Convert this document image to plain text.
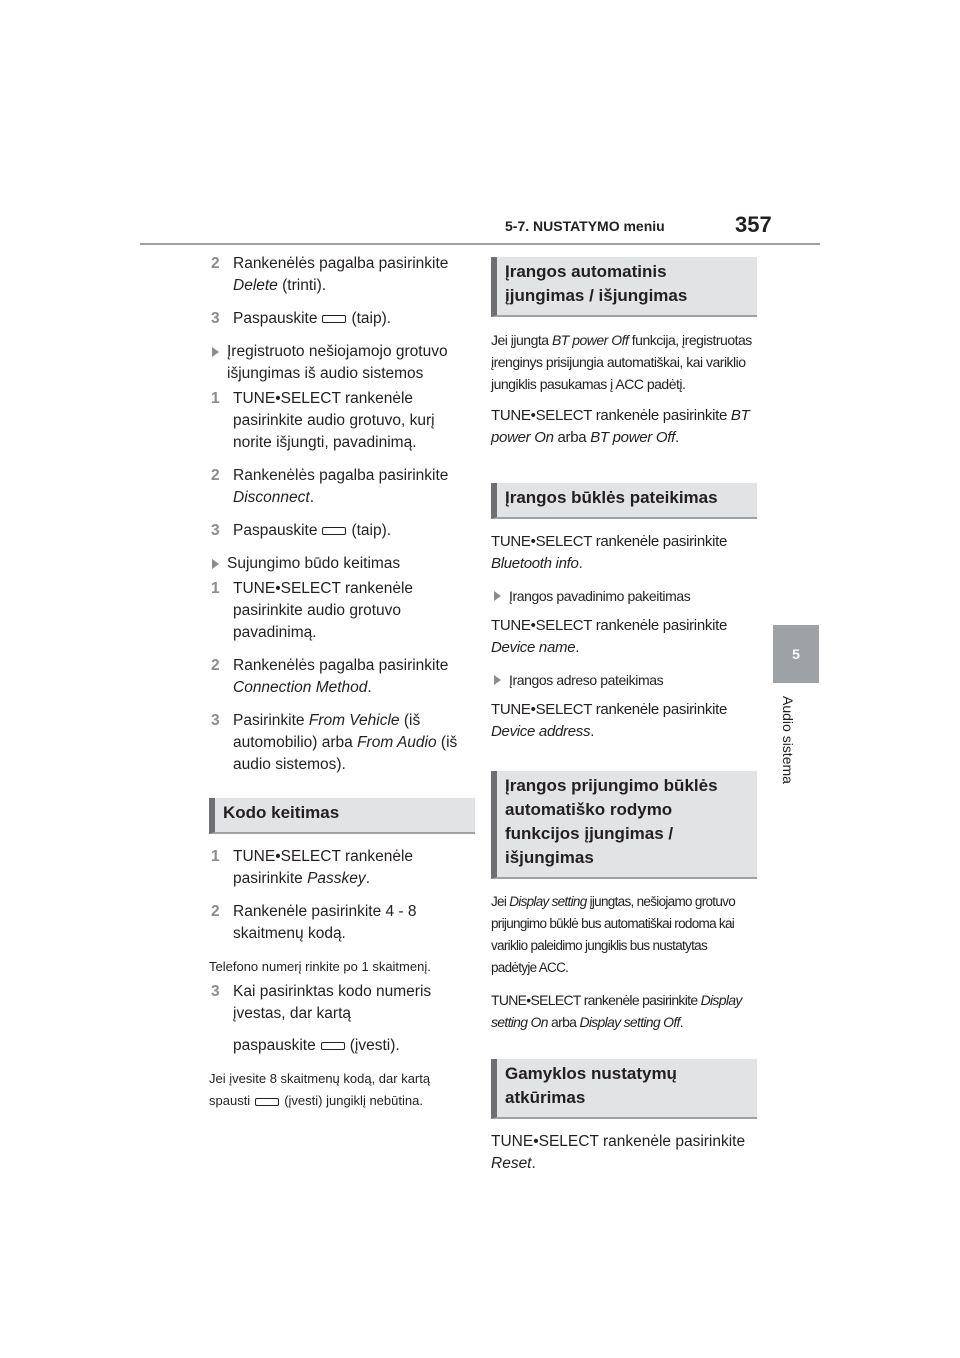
5-7. NUSTATYMO meniu	357
5
Audio sistema
2 Rankenėlės pagalba pasirinkite
Delete (trinti).
3 Paspauskite (taip).
Įregistruoto nešiojamojo grotuvo išjungimas iš audio sistemos
1 TUNE•SELECT rankenėle pasirinkite audio grotuvo, kurį norite išjungti, pavadinimą.
2 Rankenėlės pagalba pasirinkite
Disconnect.
3 Paspauskite (taip).
Sujungimo būdo keitimas
1 TUNE•SELECT rankenėle pasirinkite audio grotuvo pavadinimą.
2 Rankenėlės pagalba pasirinkite
Connection Method.
3 Pasirinkite From Vehicle (iš automobilio) arba From Audio (iš audio sistemos).
Kodo keitimas
1 TUNE•SELECT rankenėle pasirinkite Passkey.
2 Rankenėle pasirinkite 4 - 8 skaitmenų kodą.
Telefono numerį rinkite po 1 skaitmenį.
3 Kai pasirinktas kodo numeris įvestas, dar kartą
paspauskite (įvesti).
Jei įvesite 8 skaitmenų kodą, dar kartą
spausti	(įvesti) jungiklį nebūtina.
Įrangos automatinis įjungimas / išjungimas
Jei įjungta BT power Off funkcija, įregistruotas įrenginys prisijungia automatiškai, kai variklio jungiklis pasukamas į ACC padėtį.
TUNE•SELECT rankenėle pasirinkite BT power On arba BT power Off.
Įrangos būklės pateikimas
TUNE•SELECT rankenėle pasirinkite Bluetooth info.
Įrangos pavadinimo pakeitimas
TUNE•SELECT rankenėle pasirinkite Device name.
Įrangos adreso pateikimas
TUNE•SELECT rankenėle pasirinkite Device address.
Įrangos prijungimo būklės automatiško rodymo funkcijos įjungimas / išjungimas
Jei Display setting įjungtas, nešiojamo grotuvo prijungimo būklė bus automatiškai rodoma kai variklio paleidimo jungiklis bus nustatytas padėtyje ACC.
TUNE•SELECT rankenėle pasirinkite Display setting On arba Display setting Off.
Gamyklos nustatymų atkūrimas
TUNE•SELECT rankenėle pasirinkite Reset.
